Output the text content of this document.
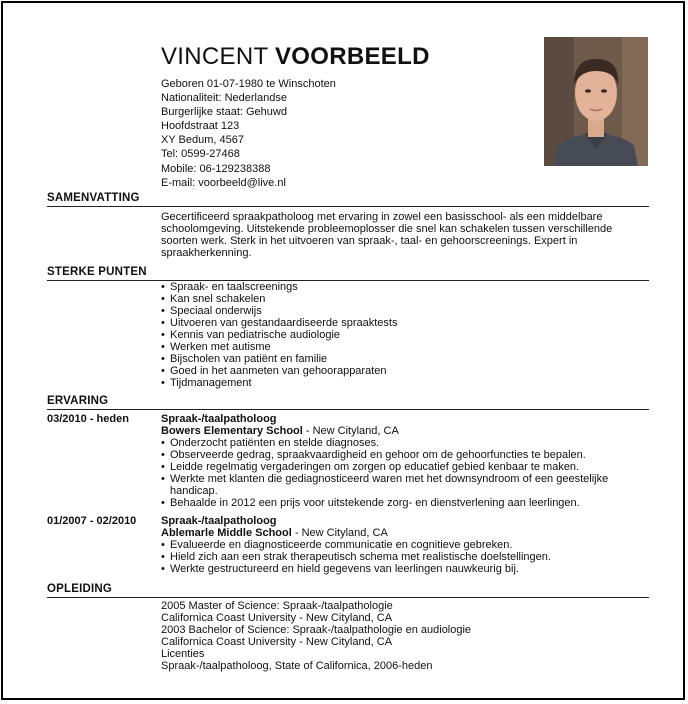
VINCENT VOORBEELD
Geboren 01-07-1980 te Winschoten
Nationaliteit: Nederlandse
Burgerlijke staat: Gehuwd
Hoofdstraat 123
XY Bedum, 4567
Tel: 0599-27468
Mobile: 06-129238388
E-mail: voorbeeld@live.nl
SAMENVATTING
Gecertificeerd spraakpatholoog met ervaring in zowel een basisschool- als een middelbare schoolomgeving. Uitstekende probleemoplosser die snel kan schakelen tussen verschillende soorten werk. Sterk in het uitvoeren van spraak-, taal- en gehoorscreenings. Expert in spraakherkenning.
STERKE PUNTEN
• Spraak- en taalscreenings
• Kan snel schakelen
• Speciaal onderwijs
• Uitvoeren van gestandaardiseerde spraaktests
• Kennis van pediatrische audiologie
• Werken met autisme
• Bijscholen van patiënt en familie
• Goed in het aanmeten van gehoorapparaten
• Tijdmanagement
ERVARING
03/2010 - heden	Spraak-/taalpatholoog
Bowers Elementary School - New Cityland, CA
• Onderzocht patiënten en stelde diagnoses.
• Observeerde gedrag, spraakvaardigheid en gehoor om de gehoorfuncties te bepalen.
• Leidde regelmatig vergaderingen om zorgen op educatief gebied kenbaar te maken.
• Werkte met klanten die gediagnosticeerd waren met het downsyndroom of een geestelijke handicap.
• Behaalde in 2012 een prijs voor uitstekende zorg- en dienstverlening aan leerlingen.
01/2007 - 02/2010 Spraak-/taalpatholoog
Ablemarle Middle School - New Cityland, CA
• Evalueerde en diagnosticeerde communicatie en cognitieve gebreken.
• Hield zich aan een strak therapeutisch schema met realistische doelstellingen.
• Werkte gestructureerd en hield gegevens van leerlingen nauwkeurig bij.
OPLEIDING
2005 Master of Science: Spraak-/taalpathologie
Californica Coast University - New Cityland, CA
2003 Bachelor of Science: Spraak-/taalpathologie en audiologie
Californica Coast University - New Cityland, CA
Licenties
Spraak-/taalpatholoog, State of Californica, 2006-heden
